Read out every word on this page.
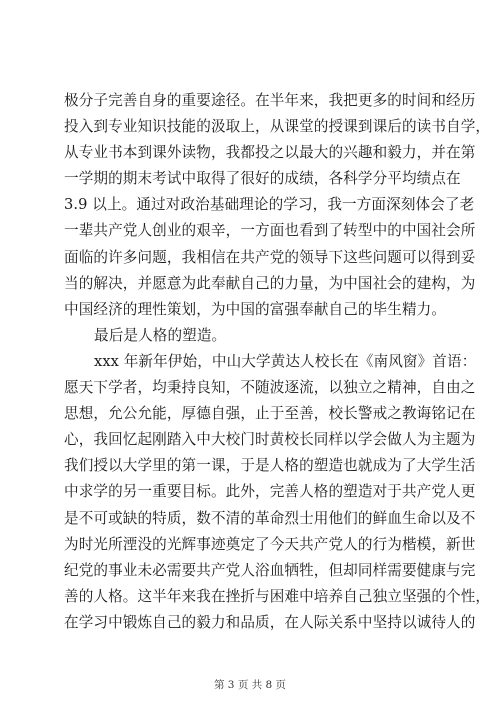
极分子完善自身的重要途径。在半年来，我把更多的时间和经历
投入到专业知识技能的汲取上，从课堂的授课到课后的读书自学，
从专业书本到课外读物，我都投之以最大的兴趣和毅力，并在第
一学期的期末考试中取得了很好的成绩，各科学分平均绩点在
3.9 以上。通过对政治基础理论的学习，我一方面深刻体会了老
一辈共产党人创业的艰辛，一方面也看到了转型中的中国社会所
面临的许多问题，我相信在共产党的领导下这些问题可以得到妥
当的解决，并愿意为此奉献自己的力量，为中国社会的建构，为
中国经济的理性策划，为中国的富强奉献自己的毕生精力。
最后是人格的塑造。
xxx 年新年伊始，中山大学黄达人校长在《南风窗》首语：
愿天下学者，均秉持良知，不随波逐流，以独立之精神，自由之
思想，允公允能，厚德自强，止于至善，校长警戒之教诲铭记在
心，我回忆起刚踏入中大校门时黄校长同样以学会做人为主题为
我们授以大学里的第一课，于是人格的塑造也就成为了大学生活
中求学的另一重要目标。此外，完善人格的塑造对于共产党人更
是不可或缺的特质，数不清的革命烈士用他们的鲜血生命以及不
为时光所湮没的光辉事迹奠定了今天共产党人的行为楷模，新世
纪党的事业未必需要共产党人浴血牺牲，但却同样需要健康与完
善的人格。这半年来我在挫折与困难中培养自己独立坚强的个性，
在学习中锻炼自己的毅力和品质，在人际关系中坚持以诚待人的
第 3 页 共 8 页
